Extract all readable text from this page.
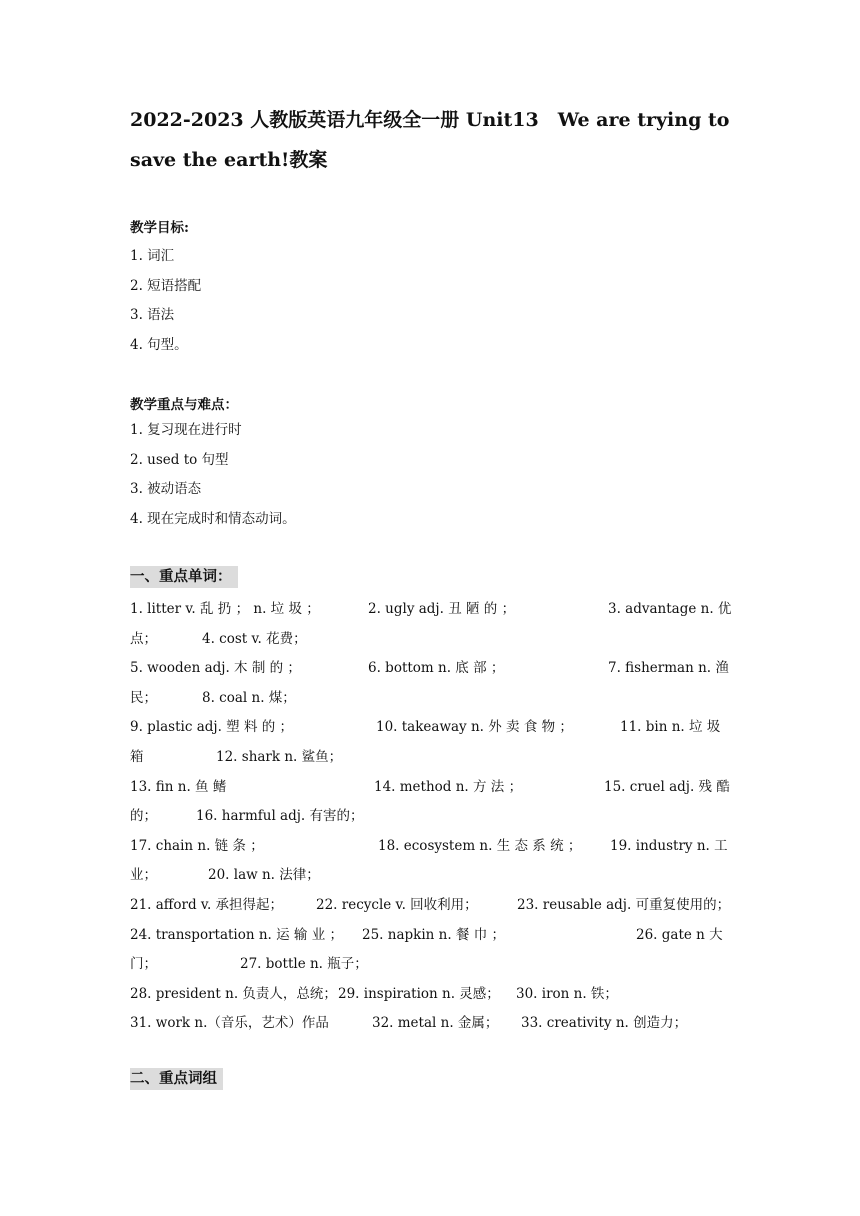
2022-2023 人教版英语九年级全一册 Unit13　We are trying to save the earth!教案

教学目标:

1. 词汇
2. 短语搭配
3. 语法
4. 句型。

教学重点与难点：

1. 复习现在进行时
2. used to 句型
3. 被动语态
4. 现在完成时和情态动词。

一、重点单词：

1. litter v. 乱 扔 ； n. 垃 圾 ；	2. ugly adj. 丑 陋 的 ；	3. advantage n. 优
点；	4. cost v. 花费；
5. wooden adj. 木 制 的 ；	6. bottom n. 底 部 ；	7. fisherman n. 渔
民；	8. coal n. 煤；
9. plastic adj. 塑 料 的 ；	10. takeaway n. 外 卖 食 物 ；	11. bin n. 垃 圾
箱	12. shark n. 鲨鱼；
13. fin n. 鱼 鳍	14. method n. 方 法 ；	15. cruel adj. 残 酷
的；	16. harmful adj. 有害的；
17. chain n. 链 条 ；	18. ecosystem n. 生 态 系 统 ； 19. industry n. 工
业；	20. law n. 法律；
21. afford v. 承担得起； 22. recycle v. 回收利用；	23. reusable adj. 可重复使用的；
24. transportation n. 运 输 业 ； 25. napkin n. 餐 巾 ；	26. gate n 大
门；	27. bottle n. 瓶子；
28. president n. 负责人，总统； 29. inspiration n. 灵感； 30. iron n. 铁；
31. work n.（音乐，艺术）作品	32. metal n. 金属； 33. creativity n. 创造力；

二、重点词组
